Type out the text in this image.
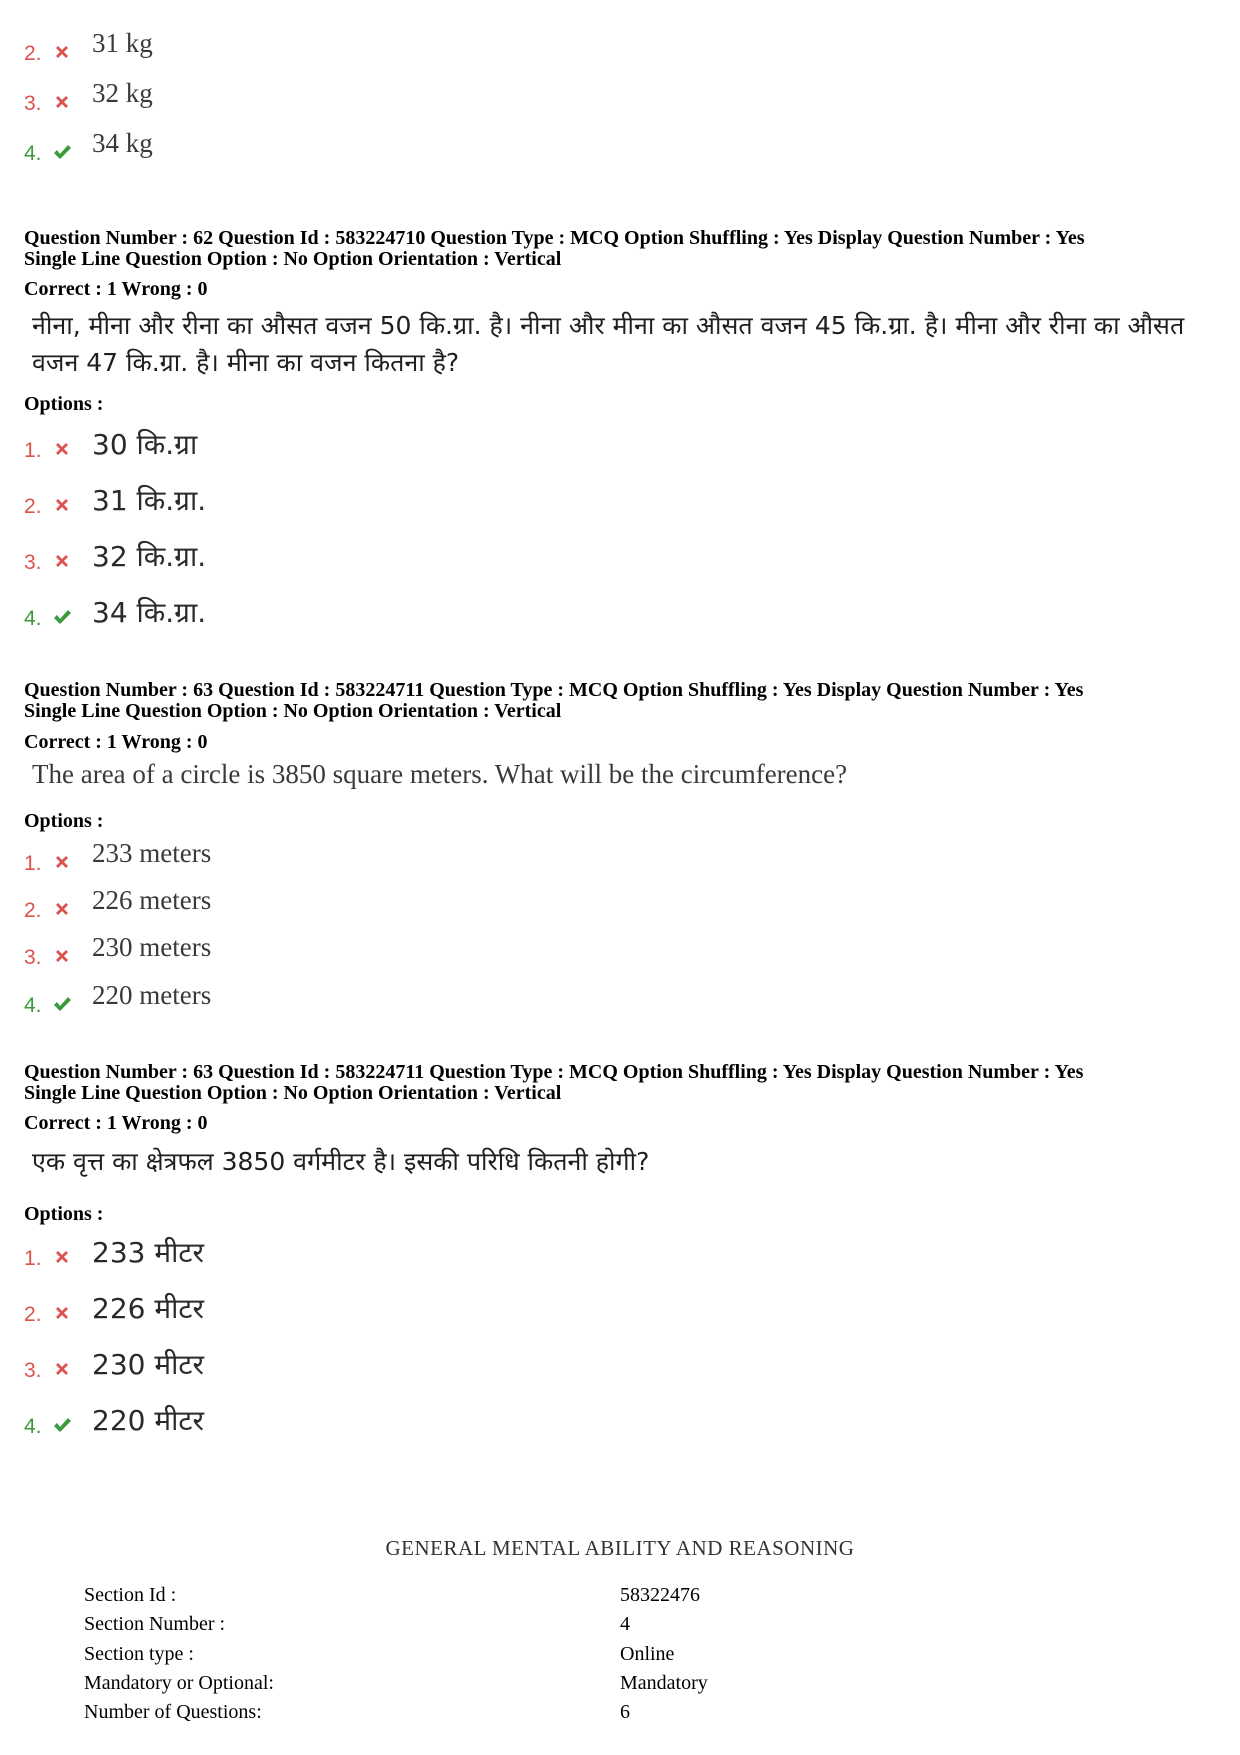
2. 31 kg
3. 32 kg
4. 34 kg
Question Number : 62 Question Id : 583224710 Question Type : MCQ Option Shuffling : Yes Display Question Number : Yes
Single Line Question Option : No Option Orientation : Vertical
Correct : 1 Wrong : 0
नीना, मीना और रीना का औसत वजन 50 कि.ग्रा. है। नीना और मीना का औसत वजन 45 कि.ग्रा. है। मीना और रीना का औसत वजन 47 कि.ग्रा. है। मीना का वजन कितना है?
Options :
1. 30 कि.ग्रा
2. 31 कि.ग्रा.
3. 32 कि.ग्रा.
4. 34 कि.ग्रा.
Question Number : 63 Question Id : 583224711 Question Type : MCQ Option Shuffling : Yes Display Question Number : Yes
Single Line Question Option : No Option Orientation : Vertical
Correct : 1 Wrong : 0
The area of a circle is 3850 square meters. What will be the circumference?
Options :
1. 233 meters
2. 226 meters
3. 230 meters
4. 220 meters
Question Number : 63 Question Id : 583224711 Question Type : MCQ Option Shuffling : Yes Display Question Number : Yes
Single Line Question Option : No Option Orientation : Vertical
Correct : 1 Wrong : 0
एक वृत्त का क्षेत्रफल 3850 वर्गमीटर है। इसकी परिधि कितनी होगी?
Options :
1. 233 मीटर
2. 226 मीटर
3. 230 मीटर
4. 220 मीटर
GENERAL MENTAL ABILITY AND REASONING
Section Id :	58322476
Section Number :	4
Section type :	Online
Mandatory or Optional:	Mandatory
Number of Questions:	6
